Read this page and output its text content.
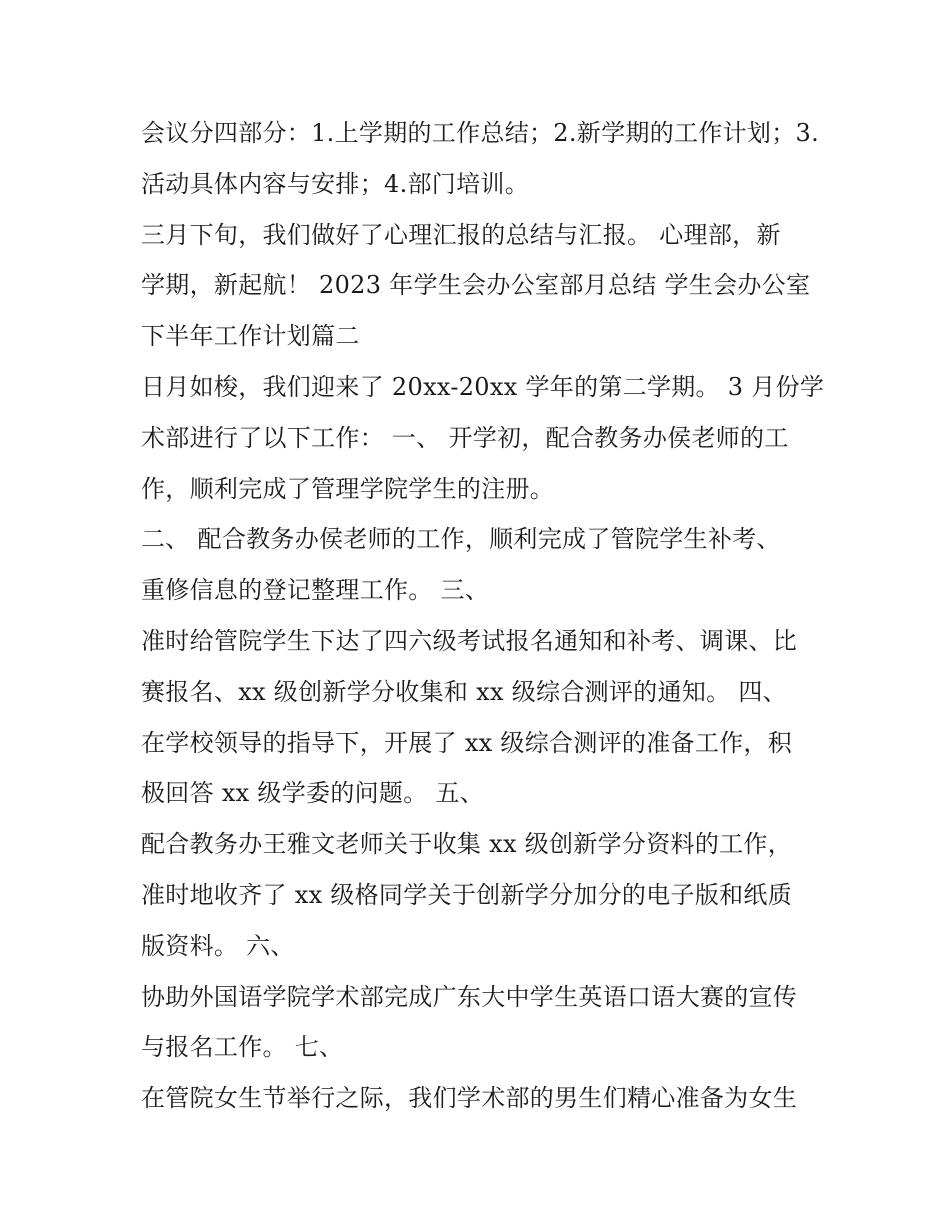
会议分四部分：1.上学期的工作总结；2.新学期的工作计划；3.
活动具体内容与安排；4.部门培训。
三月下旬，我们做好了心理汇报的总结与汇报。 心理部，新
学期，新起航！ 2023 年学生会办公室部月总结 学生会办公室
下半年工作计划篇二
日月如梭，我们迎来了 20xx-20xx 学年的第二学期。 3 月份学
术部进行了以下工作： 一、 开学初，配合教务办侯老师的工
作，顺利完成了管理学院学生的注册。
二、 配合教务办侯老师的工作，顺利完成了管院学生补考、
重修信息的登记整理工作。 三、
准时给管院学生下达了四六级考试报名通知和补考、调课、比
赛报名、xx 级创新学分收集和 xx 级综合测评的通知。 四、
在学校领导的指导下，开展了 xx 级综合测评的准备工作，积
极回答 xx 级学委的问题。 五、
配合教务办王雅文老师关于收集 xx 级创新学分资料的工作，
准时地收齐了 xx 级格同学关于创新学分加分的电子版和纸质
版资料。 六、
协助外国语学院学术部完成广东大中学生英语口语大赛的宣传
与报名工作。 七、
在管院女生节举行之际，我们学术部的男生们精心准备为女生
